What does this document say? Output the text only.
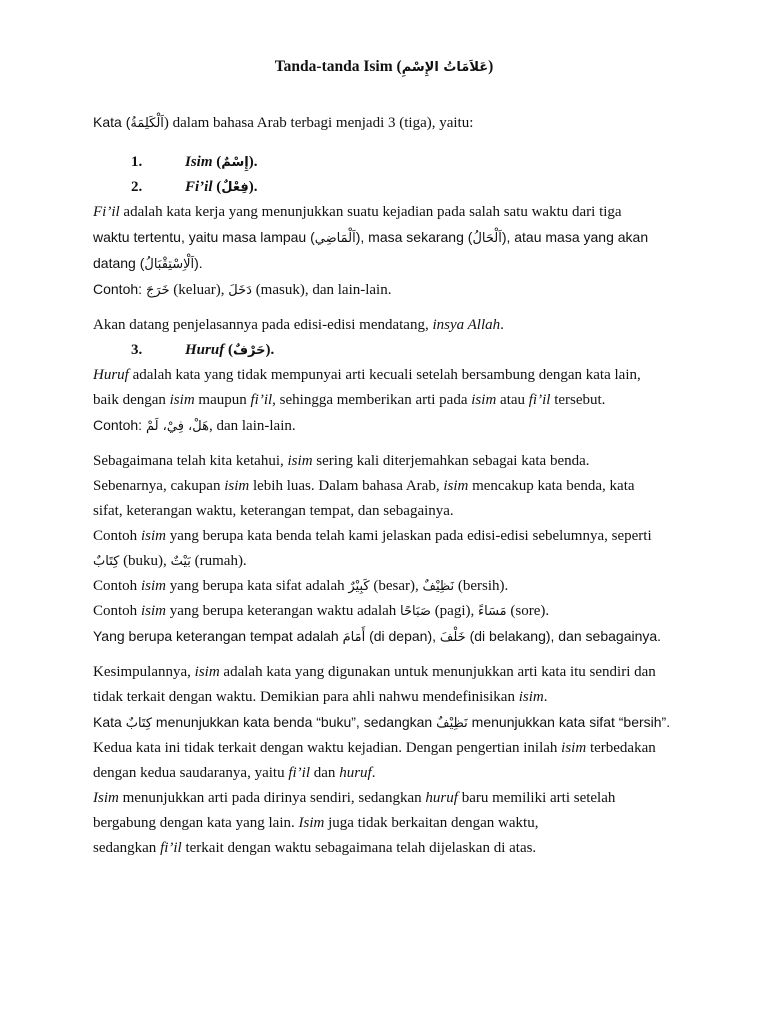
Tanda-tanda Isim (عَلاَمَاتُ الإِسْمِ)

Kata (اَلْكَلِمَةُ) dalam bahasa Arab terbagi menjadi 3 (tiga), yaitu:

1.	Isim (إِسْمٌ).
2.	Fi’il (فِعْلٌ).

Fi’il adalah kata kerja yang menunjukkan suatu kejadian pada salah satu waktu dari tiga

waktu tertentu, yaitu masa lampau (اَلْمَاضِي), masa sekarang (اَلْحَالُ), atau masa yang akan

datang (اَلْاِسْتِقْبَالُ).

Contoh: خَرَجَ (keluar), دَخَلَ (masuk), dan lain-lain.

Akan datang penjelasannya pada edisi-edisi mendatang, insya Allah.

3.	Huruf (حَرْفٌ).

Huruf adalah kata yang tidak mempunyai arti kecuali setelah bersambung dengan kata lain,

baik dengan isim maupun fi’il, sehingga memberikan arti pada isim atau fi’il tersebut.

Contoh: هَلْ، فِيْ، لَمْ, dan lain-lain.

Sebagaimana telah kita ketahui, isim sering kali diterjemahkan sebagai kata benda.

Sebenarnya, cakupan isim lebih luas. Dalam bahasa Arab, isim mencakup kata benda, kata

sifat, keterangan waktu, keterangan tempat, dan sebagainya.

Contoh isim yang berupa kata benda telah kami jelaskan pada edisi-edisi sebelumnya, seperti

كِتَابٌ (buku), بَيْتٌ (rumah).

Contoh isim yang berupa kata sifat adalah كَبِيْرٌ (besar), نَظِيْفٌ (bersih).

Contoh isim yang berupa keterangan waktu adalah صَبَاحًا (pagi), مَسَاءً (sore).

Yang berupa keterangan tempat adalah أَمَامَ (di depan), خَلْفَ (di belakang), dan sebagainya.

Kesimpulannya, isim adalah kata yang digunakan untuk menunjukkan arti kata itu sendiri dan

tidak terkait dengan waktu. Demikian para ahli nahwu mendefinisikan isim.

Kata كِتَابٌ menunjukkan kata benda “buku”, sedangkan نَظِيْفٌ menunjukkan kata sifat “bersih”.

Kedua kata ini tidak terkait dengan waktu kejadian. Dengan pengertian inilah isim terbedakan

dengan kedua saudaranya, yaitu fi’il dan huruf.

Isim menunjukkan arti pada dirinya sendiri, sedangkan huruf baru memiliki arti setelah

bergabung dengan kata yang lain. Isim juga tidak berkaitan dengan waktu,

sedangkan fi’il terkait dengan waktu sebagaimana telah dijelaskan di atas.
